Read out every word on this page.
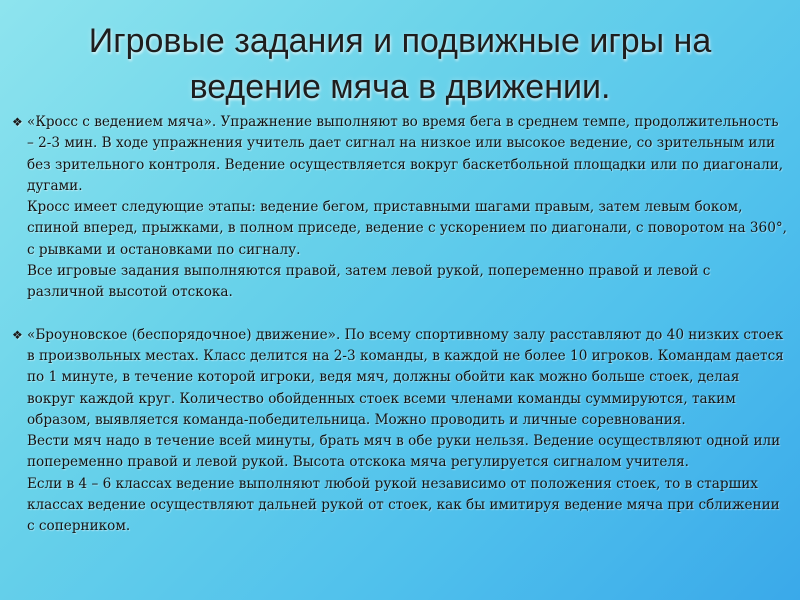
Игровые задания и подвижные игры на
ведение мяча в движении.
❖ «Кросс с ведением мяча». Упражнение выполняют во время бега в среднем темпе, продолжительность – 2-3 мин. В ходе упражнения учитель дает сигнал на низкое или высокое ведение, со зрительным или без зрительного контроля. Ведение осуществляется вокруг баскетбольной площадки или по диагонали, дугами.
Кросс имеет следующие этапы: ведение бегом, приставными шагами правым, затем левым боком, спиной вперед, прыжками, в полном приседе, ведение с ускорением по диагонали, с поворотом на 360°, с рывками и остановками по сигналу.
Все игровые задания выполняются правой, затем левой рукой, попеременно правой и левой с различной высотой отскока.
❖ «Броуновское (беспорядочное) движение». По всему спортивному залу расставляют до 40 низких стоек в произвольных местах. Класс делится на 2-3 команды, в каждой не более 10 игроков. Командам дается по 1 минуте, в течение которой игроки, ведя мяч, должны обойти как можно больше стоек, делая вокруг каждой круг. Количество обойденных стоек всеми членами команды суммируются, таким образом, выявляется команда-победительница. Можно проводить и личные соревнования.
Вести мяч надо в течение всей минуты, брать мяч в обе руки нельзя. Ведение осуществляют одной или попеременно правой и левой рукой. Высота отскока мяча регулируется сигналом учителя.
Если в 4 – 6 классах ведение выполняют любой рукой независимо от положения стоек, то в старших классах ведение осуществляют дальней рукой от стоек, как бы имитируя ведение мяча при сближении с соперником.
